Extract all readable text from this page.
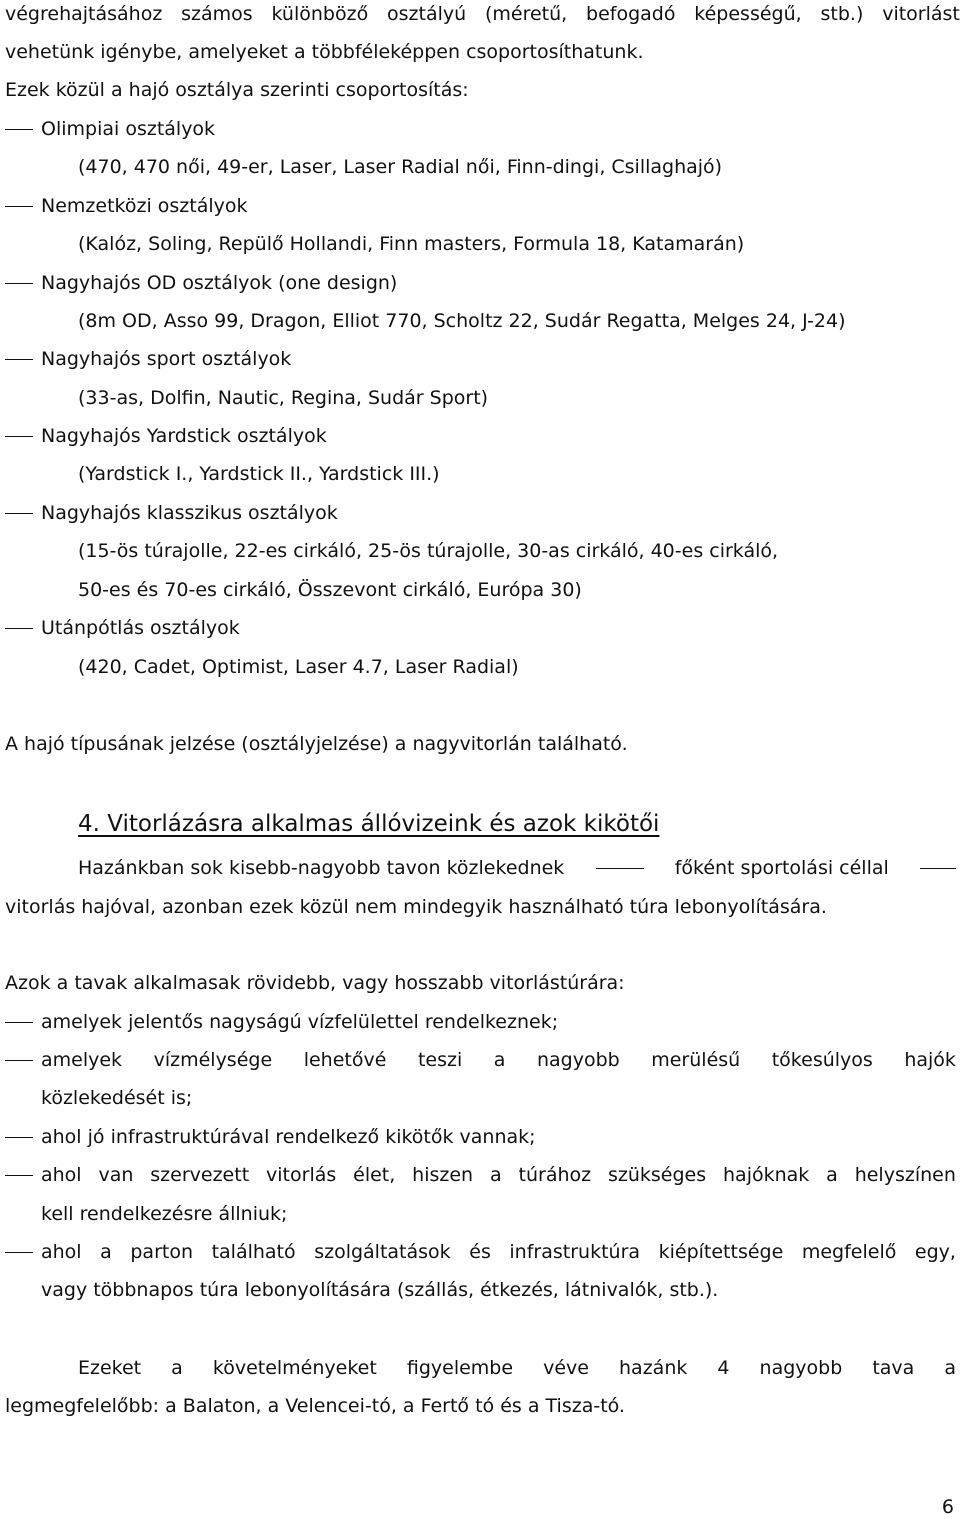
végrehajtásához számos különböző osztályú (méretű, befogadó képességű, stb.) vitorlást
vehetünk igénybe, amelyeket a többféleképpen csoportosíthatunk.
Ezek közül a hajó osztálya szerinti csoportosítás:
Olimpiai osztályok
(470, 470 női, 49-er, Laser, Laser Radial női, Finn-dingi, Csillaghajó)
Nemzetközi osztályok
(Kalóz, Soling, Repülő Hollandi, Finn masters, Formula 18, Katamarán)
Nagyhajós OD osztályok (one design)
(8m OD, Asso 99, Dragon, Elliot 770, Scholtz 22, Sudár Regatta, Melges 24, J-24)
Nagyhajós sport osztályok
(33-as, Dolfin, Nautic, Regina, Sudár Sport)
Nagyhajós Yardstick osztályok
(Yardstick I., Yardstick II., Yardstick III.)
Nagyhajós klasszikus osztályok
(15-ös túrajolle, 22-es cirkáló, 25-ös túrajolle, 30-as cirkáló, 40-es cirkáló,
50-es és 70-es cirkáló, Összevont cirkáló, Európa 30)
Utánpótlás osztályok
(420, Cadet, Optimist, Laser 4.7, Laser Radial)
A hajó típusának jelzése (osztályjelzése) a nagyvitorlán található.
4. Vitorlázásra alkalmas állóvizeink és azok kikötői
Hazánkban sok kisebb-nagyobb tavon közlekednek	főként sportolási céllal
vitorlás hajóval, azonban ezek közül nem mindegyik használható túra lebonyolítására.
Azok a tavak alkalmasak rövidebb, vagy hosszabb vitorlástúrára:
amelyek jelentős nagyságú vízfelülettel rendelkeznek;
amelyek vízmélysége lehetővé teszi a nagyobb merülésű tőkesúlyos hajók
közlekedését is;
ahol jó infrastruktúrával rendelkező kikötők vannak;
ahol van szervezett vitorlás élet, hiszen a túrához szükséges hajóknak a helyszínen
kell rendelkezésre állniuk;
ahol a parton található szolgáltatások és infrastruktúra kiépítettsége megfelelő egy,
vagy többnapos túra lebonyolítására (szállás, étkezés, látnivalók, stb.).
Ezeket a követelményeket figyelembe véve hazánk 4 nagyobb tava a
legmegfelelőbb: a Balaton, a Velencei-tó, a Fertő tó és a Tisza-tó.
6
